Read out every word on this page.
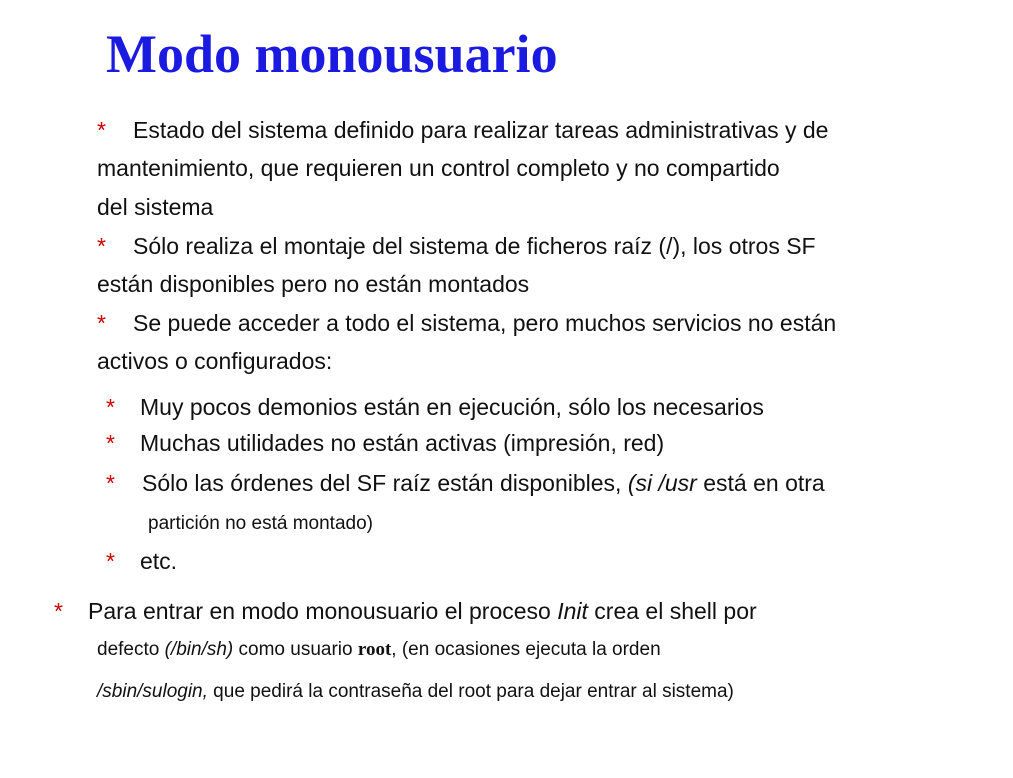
Modo monousuario
* Estado del sistema definido para realizar tareas administrativas y de
mantenimiento, que requieren un control completo y no compartido
del sistema
* Sólo realiza el montaje del sistema de ficheros raíz (/), los otros SF
están disponibles pero no están montados
* Se puede acceder a todo el sistema, pero muchos servicios no están
activos o configurados:
* Muy pocos demonios están en ejecución, sólo los necesarios
* Muchas utilidades no están activas (impresión, red)
* Sólo las órdenes del SF raíz están disponibles, (si /usr está en otra
partición no está montado)
* etc.
* Para entrar en modo monousuario el proceso Init crea el shell por
defecto (/bin/sh) como usuario root, (en ocasiones ejecuta la orden
/sbin/sulogin, que pedirá la contraseña del root para dejar entrar al sistema)
